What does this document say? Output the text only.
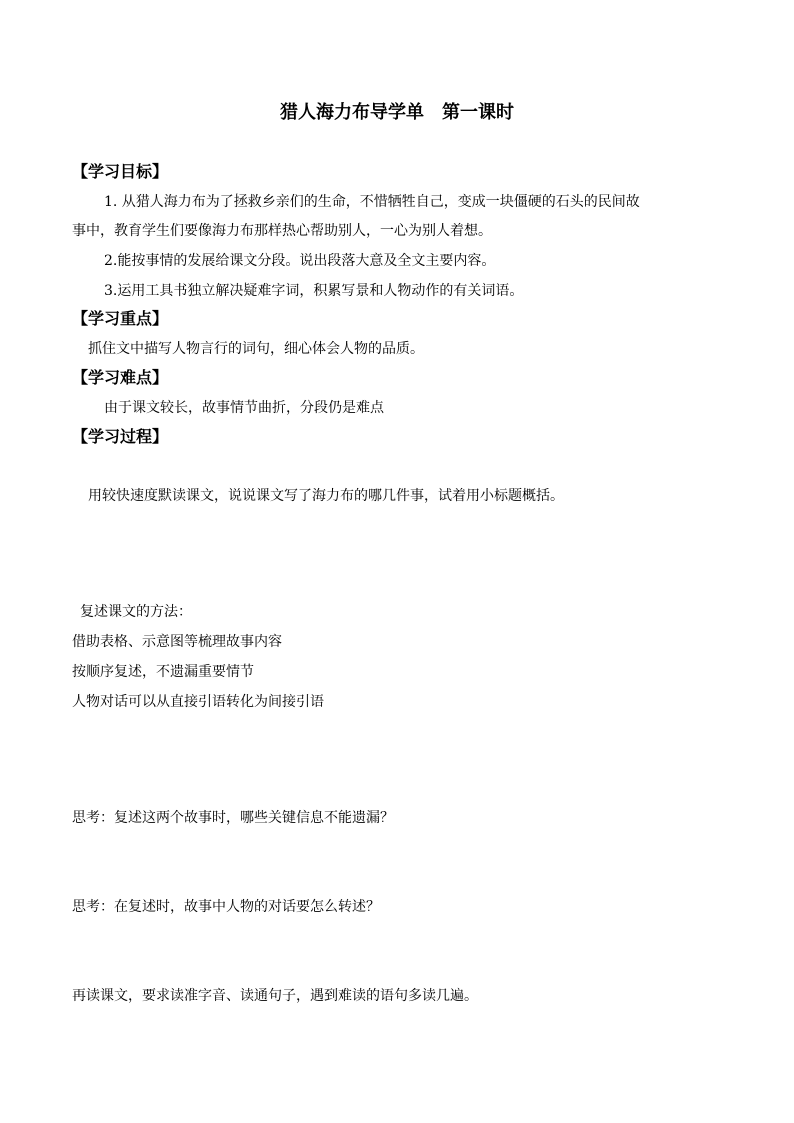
猎人海力布导学单　第一课时
【学习目标】
1. 从猎人海力布为了拯救乡亲们的生命，不惜牺牲自己，变成一块僵硬的石头的民间故
事中，教育学生们要像海力布那样热心帮助别人，一心为别人着想。
2.能按事情的发展给课文分段。说出段落大意及全文主要内容。
3.运用工具书独立解决疑难字词，积累写景和人物动作的有关词语。
【学习重点】
抓住文中描写人物言行的词句，细心体会人物的品质。
【学习难点】
由于课文较长，故事情节曲折，分段仍是难点
【学习过程】
用较快速度默读课文，说说课文写了海力布的哪几件事，试着用小标题概括。
复述课文的方法：
借助表格、示意图等梳理故事内容
按顺序复述，不遗漏重要情节
人物对话可以从直接引语转化为间接引语
思考：复述这两个故事时，哪些关键信息不能遗漏？
思考：在复述时，故事中人物的对话要怎么转述？
再读课文，要求读准字音、读通句子，遇到难读的语句多读几遍。
